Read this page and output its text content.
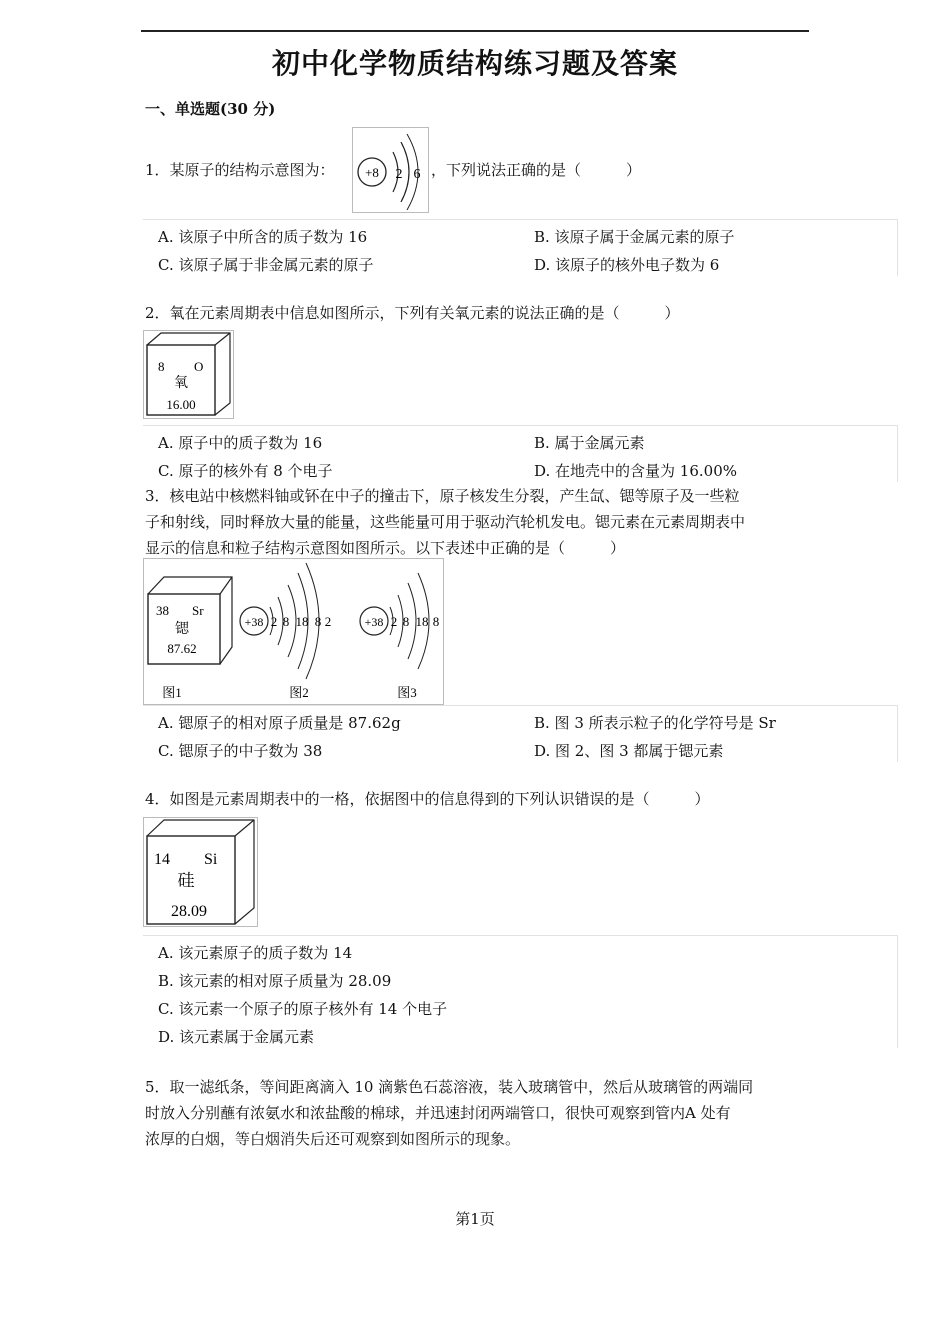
初中化学物质结构练习题及答案
一、单选题(30 分)
1．某原子的结构示意图为：	+8 2 6 ，下列说法正确的是（　　　）
A. 该原子中所含的质子数为 16	B. 该原子属于金属元素的原子
C. 该原子属于非金属元素的原子	D. 该原子的核外电子数为 6
2．氧在元素周期表中信息如图所示，下列有关氧元素的说法正确的是（　　　）
8 O
氧
16.00
A. 原子中的质子数为 16	B. 属于金属元素
C. 原子的核外有 8 个电子	D. 在地壳中的含量为 16.00%
3．核电站中核燃料铀或钚在中子的撞击下，原子核发生分裂，产生氙、锶等原子及一些粒
子和射线，同时释放大量的能量，这些能量可用于驱动汽轮机发电。锶元素在元素周期表中
显示的信息和粒子结构示意图如图所示。以下表述中正确的是（　　　）
38 Sr
锶
87.62
+38 2 8 18 8 2	+38 2 8 18 8
图1	图2	图3
A. 锶原子的相对原子质量是 87.62g	B. 图 3 所表示粒子的化学符号是 Sr
C. 锶原子的中子数为 38	D. 图 2、图 3 都属于锶元素
4．如图是元素周期表中的一格，依据图中的信息得到的下列认识错误的是（　　　）
14 Si
硅
28.09
A. 该元素原子的质子数为 14
B. 该元素的相对原子质量为 28.09
C. 该元素一个原子的原子核外有 14 个电子
D. 该元素属于金属元素
5．取一滤纸条，等间距离滴入 10 滴紫色石蕊溶液，装入玻璃管中，然后从玻璃管的两端同
时放入分别蘸有浓氨水和浓盐酸的棉球，并迅速封闭两端管口，很快可观察到管内A 处有
浓厚的白烟，等白烟消失后还可观察到如图所示的现象。
第1页
